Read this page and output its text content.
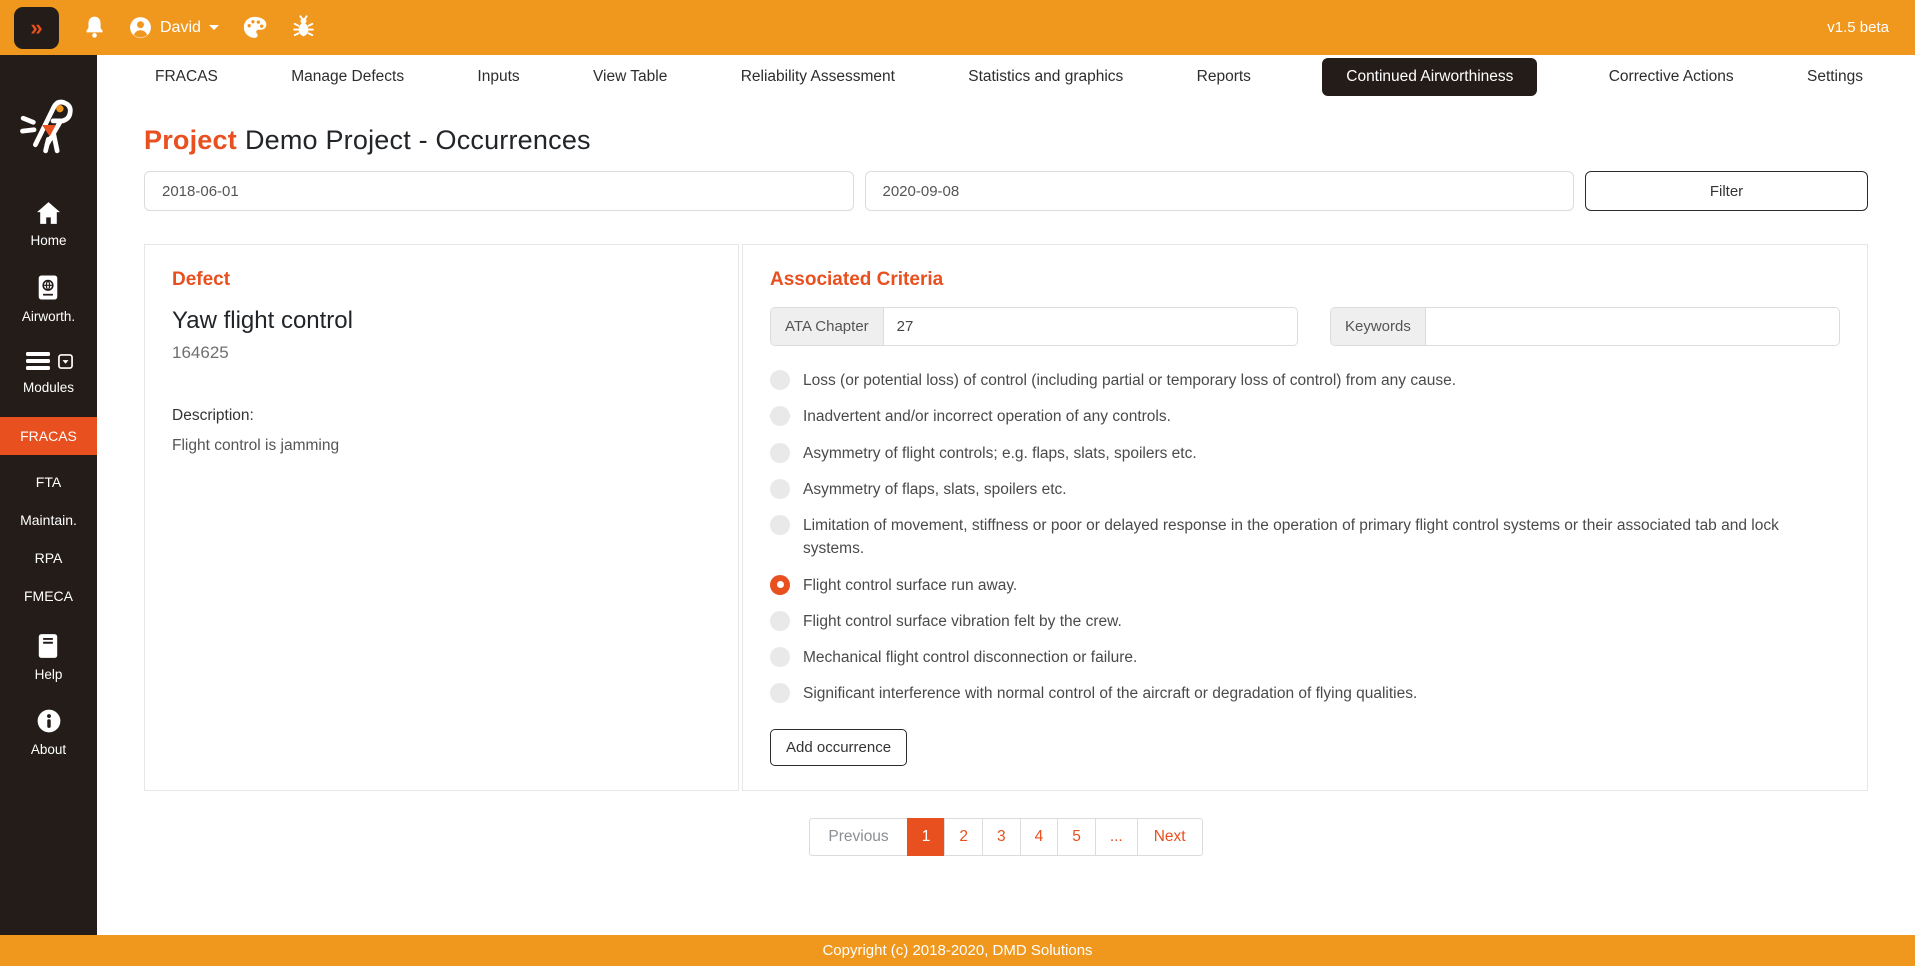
»	David	v1.5 beta
Home
Airworth.
Modules
FRACAS
FTA
Maintain.
RPA
FMECA
Help
About
FRACAS	Manage Defects	Inputs	View Table	Reliability Assessment	Statistics and graphics	Reports	Continued Airworthiness	Corrective Actions	Settings
Project Demo Project - Occurrences
2018-06-01
2020-09-08
Filter
Defect
Yaw flight control
164625
Description:
Flight control is jamming
Associated Criteria
ATA Chapter
27	Keywords
Loss (or potential loss) of control (including partial or temporary loss of control) from any cause.
Inadvertent and/or incorrect operation of any controls.
Asymmetry of flight controls; e.g. flaps, slats, spoilers etc.
Asymmetry of flaps, slats, spoilers etc.
Limitation of movement, stiffness or poor or delayed response in the operation of primary flight control systems or their associated tab and lock systems.
Flight control surface run away.
Flight control surface vibration felt by the crew.
Mechanical flight control disconnection or failure.
Significant interference with normal control of the aircraft or degradation of flying qualities.
Add occurrence
Previous	1	2	3	4	5	...	Next
Copyright (c) 2018-2020, DMD Solutions
